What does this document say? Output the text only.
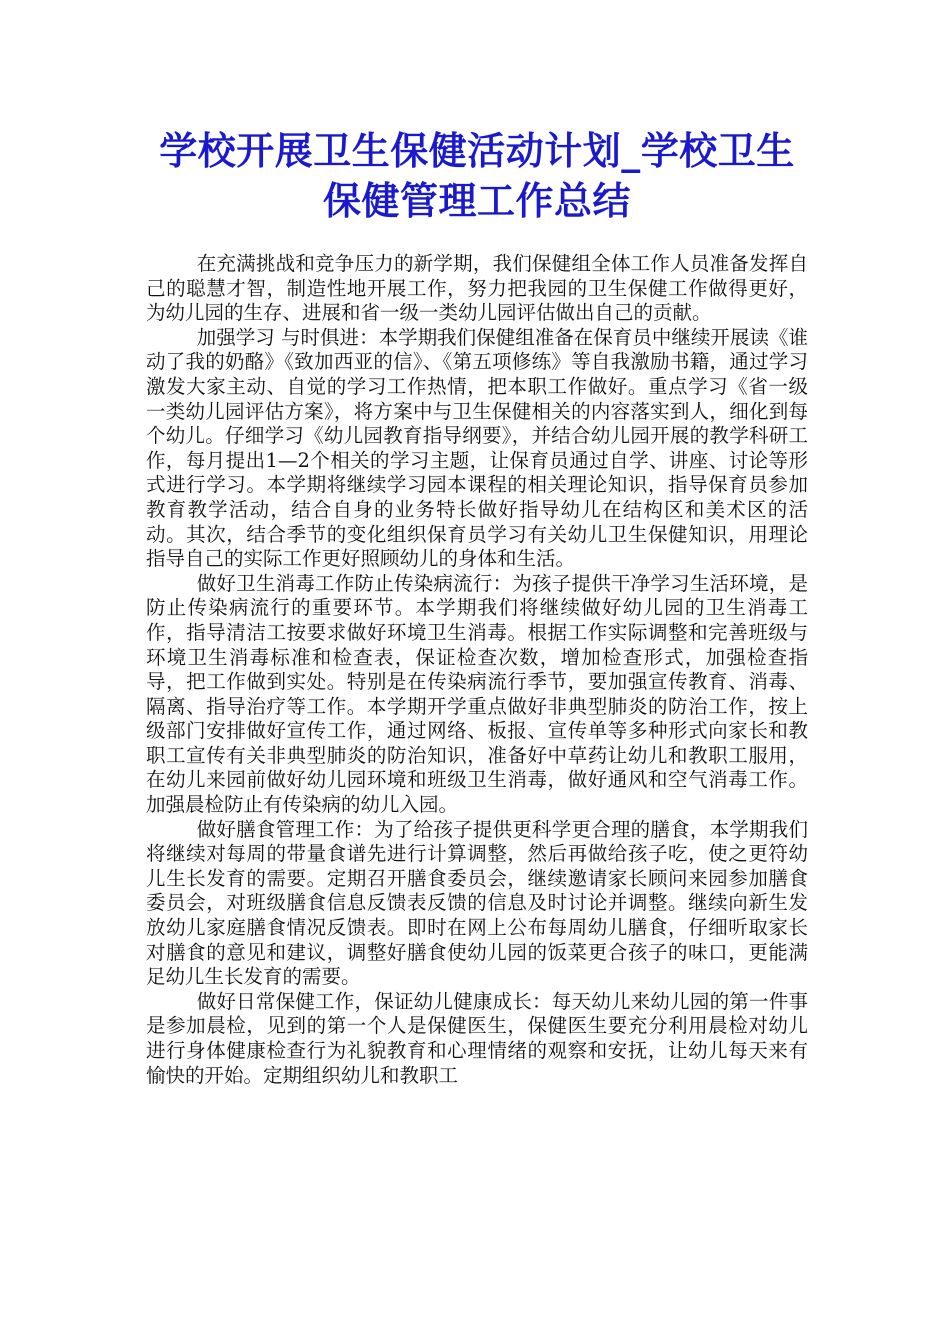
学校开展卫生保健活动计划_学校卫生保健管理工作总结

在充满挑战和竞争压力的新学期，我们保健组全体工作人员准备发挥自己的聪慧才智，制造性地开展工作，努力把我园的卫生保健工作做得更好，为幼儿园的生存、进展和省一级一类幼儿园评估做出自己的贡献。

加强学习 与时俱进：本学期我们保健组准备在保育员中继续开展读《谁动了我的奶酪》《致加西亚的信》、《第五项修练》等自我激励书籍，通过学习激发大家主动、自觉的学习工作热情，把本职工作做好。重点学习《省一级一类幼儿园评估方案》，将方案中与卫生保健相关的内容落实到人，细化到每个幼儿。仔细学习《幼儿园教育指导纲要》，并结合幼儿园开展的教学科研工作，每月提出1—2个相关的学习主题，让保育员通过自学、讲座、讨论等形式进行学习。本学期将继续学习园本课程的相关理论知识，指导保育员参加教育教学活动，结合自身的业务特长做好指导幼儿在结构区和美术区的活动。其次，结合季节的变化组织保育员学习有关幼儿卫生保健知识，用理论指导自己的实际工作更好照顾幼儿的身体和生活。

做好卫生消毒工作防止传染病流行：为孩子提供干净学习生活环境，是防止传染病流行的重要环节。本学期我们将继续做好幼儿园的卫生消毒工作，指导清洁工按要求做好环境卫生消毒。根据工作实际调整和完善班级与环境卫生消毒标准和检查表，保证检查次数，增加检查形式，加强检查指导，把工作做到实处。特别是在传染病流行季节，要加强宣传教育、消毒、隔离、指导治疗等工作。本学期开学重点做好非典型肺炎的防治工作，按上级部门安排做好宣传工作，通过网络、板报、宣传单等多种形式向家长和教职工宣传有关非典型肺炎的防治知识，准备好中草药让幼儿和教职工服用，在幼儿来园前做好幼儿园环境和班级卫生消毒，做好通风和空气消毒工作。加强晨检防止有传染病的幼儿入园。

做好膳食管理工作：为了给孩子提供更科学更合理的膳食，本学期我们将继续对每周的带量食谱先进行计算调整，然后再做给孩子吃，使之更符幼儿生长发育的需要。定期召开膳食委员会，继续邀请家长顾问来园参加膳食委员会，对班级膳食信息反馈表反馈的信息及时讨论并调整。继续向新生发放幼儿家庭膳食情况反馈表。即时在网上公布每周幼儿膳食，仔细听取家长对膳食的意见和建议，调整好膳食使幼儿园的饭菜更合孩子的味口，更能满足幼儿生长发育的需要。

做好日常保健工作，保证幼儿健康成长：每天幼儿来幼儿园的第一件事是参加晨检，见到的第一个人是保健医生，保健医生要充分利用晨检对幼儿进行身体健康检查行为礼貌教育和心理情绪的观察和安抚，让幼儿每天来有愉快的开始。定期组织幼儿和教职工
